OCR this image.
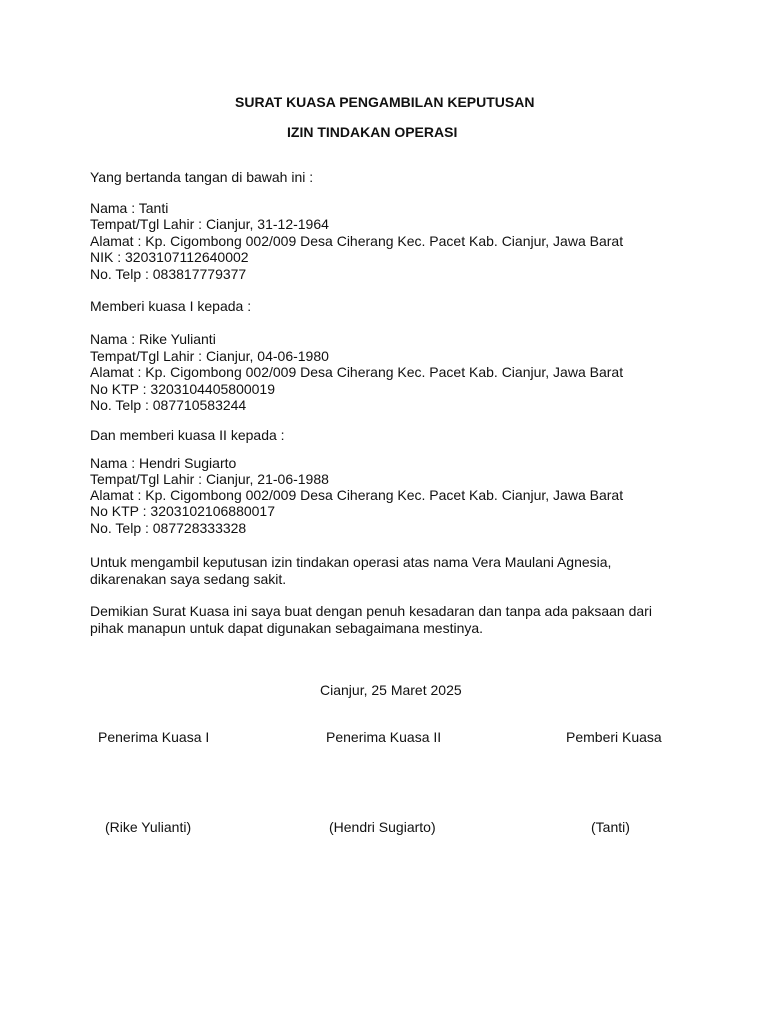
SURAT KUASA PENGAMBILAN KEPUTUSAN
IZIN TINDAKAN OPERASI
Yang bertanda tangan di bawah ini :
Nama : Tanti
Tempat/Tgl Lahir : Cianjur, 31-12-1964
Alamat : Kp. Cigombong 002/009 Desa Ciherang Kec. Pacet Kab. Cianjur, Jawa Barat
NIK : 3203107112640002
No. Telp : 083817779377
Memberi kuasa I kepada :
Nama : Rike Yulianti
Tempat/Tgl Lahir : Cianjur, 04-06-1980
Alamat : Kp. Cigombong 002/009 Desa Ciherang Kec. Pacet Kab. Cianjur, Jawa Barat
No KTP : 3203104405800019
No. Telp : 087710583244
Dan memberi kuasa II kepada :
Nama : Hendri Sugiarto
Tempat/Tgl Lahir : Cianjur, 21-06-1988
Alamat : Kp. Cigombong 002/009 Desa Ciherang Kec. Pacet Kab. Cianjur, Jawa Barat
No KTP : 3203102106880017
No. Telp : 087728333328
Untuk mengambil keputusan izin tindakan operasi atas nama Vera Maulani Agnesia,
dikarenakan saya sedang sakit.
Demikian Surat Kuasa ini saya buat dengan penuh kesadaran dan tanpa ada paksaan dari
pihak manapun untuk dapat digunakan sebagaimana mestinya.
Cianjur, 25 Maret 2025
Penerima Kuasa I	Penerima Kuasa II	Pemberi Kuasa
(Rike Yulianti)	(Hendri Sugiarto)	(Tanti)
